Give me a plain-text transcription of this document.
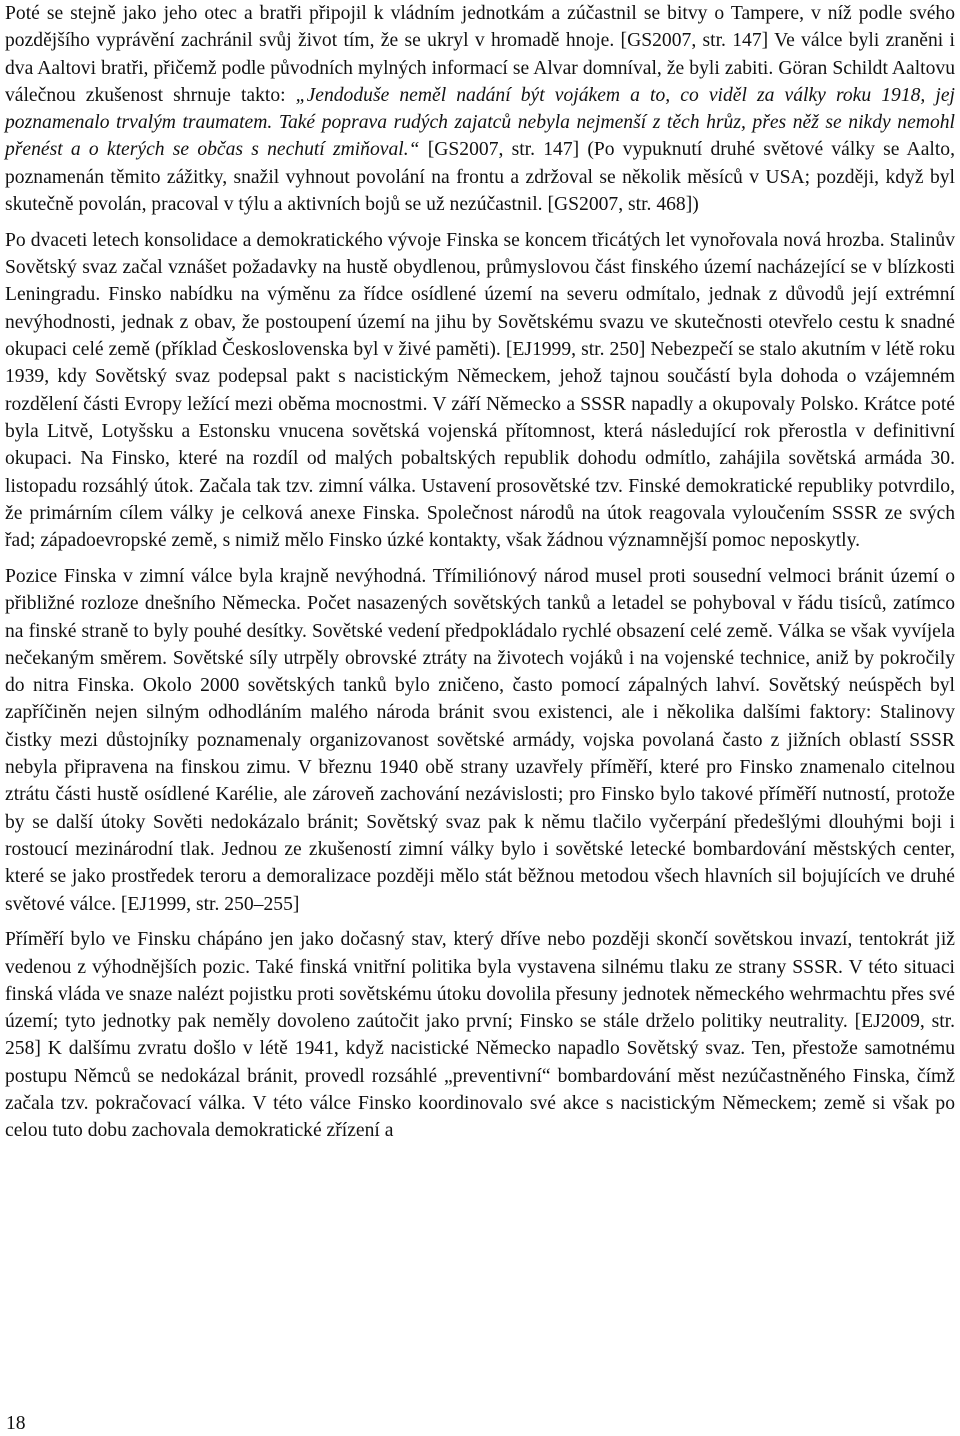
Poté se stejně jako jeho otec a bratři připojil k vládním jednotkám a zúčastnil se bitvy o Tampere, v níž podle svého pozdějšího vyprávění zachránil svůj život tím, že se ukryl v hromadě hnoje. [GS2007, str. 147] Ve válce byli zraněni i dva Aaltovi bratři, přičemž podle původních mylných informací se Alvar domníval, že byli zabiti. Göran Schildt Aaltovu válečnou zkušenost shrnuje takto: „Jendoduše neměl nadání být vojákem a to, co viděl za války roku 1918, jej poznamenalo trvalým traumatem. Také poprava rudých zajatců nebyla nejmenší z těch hrůz, přes něž se nikdy nemohl přenést a o kterých se občas s nechutí zmiňoval.“ [GS2007, str. 147] (Po vypuknutí druhé světové války se Aalto, poznamenán těmito zážitky, snažil vyhnout povolání na frontu a zdržoval se několik měsíců v USA; později, když byl skutečně povolán, pracoval v týlu a aktivních bojů se už nezúčastnil. [GS2007, str. 468])

Po dvaceti letech konsolidace a demokratického vývoje Finska se koncem třicátých let vynořovala nová hrozba. Stalinův Sovětský svaz začal vznášet požadavky na hustě obydlenou, průmyslovou část finského území nacházející se v blízkosti Leningradu. Finsko nabídku na výměnu za řídce osídlené území na severu odmítalo, jednak z důvodů její extrémní nevýhodnosti, jednak z obav, že postoupení území na jihu by Sovětskému svazu ve skutečnosti otevřelo cestu k snadné okupaci celé země (příklad Československa byl v živé paměti). [EJ1999, str. 250] Nebezpečí se stalo akutním v létě roku 1939, kdy Sovětský svaz podepsal pakt s nacistickým Německem, jehož tajnou součástí byla dohoda o vzájemném rozdělení části Evropy ležící mezi oběma mocnostmi. V září Německo a SSSR napadly a okupovaly Polsko. Krátce poté byla Litvě, Lotyšsku a Estonsku vnucena sovětská vojenská přítomnost, která následující rok přerostla v definitivní okupaci. Na Finsko, které na rozdíl od malých pobaltských republik dohodu odmítlo, zahájila sovětská armáda 30. listopadu rozsáhlý útok. Začala tak tzv. zimní válka. Ustavení prosovětské tzv. Finské demokratické republiky potvrdilo, že primárním cílem války je celková anexe Finska. Společnost národů na útok reagovala vyloučením SSSR ze svých řad; západoevropské země, s nimiž mělo Finsko úzké kontakty, však žádnou významnější pomoc neposkytly.

Pozice Finska v zimní válce byla krajně nevýhodná. Třímiliónový národ musel proti sousední velmoci bránit území o přibližné rozloze dnešního Německa. Počet nasazených sovětských tanků a letadel se pohyboval v řádu tisíců, zatímco na finské straně to byly pouhé desítky. Sovětské vedení předpokládalo rychlé obsazení celé země. Válka se však vyvíjela nečekaným směrem. Sovětské síly utrpěly obrovské ztráty na životech vojáků i na vojenské technice, aniž by pokročily do nitra Finska. Okolo 2000 sovětských tanků bylo zničeno, často pomocí zápalných lahví. Sovětský neúspěch byl zapříčiněn nejen silným odhodláním malého národa bránit svou existenci, ale i několika dalšími faktory: Stalinovy čistky mezi důstojníky poznamenaly organizovanost sovětské armády, vojska povolaná často z jižních oblastí SSSR nebyla připravena na finskou zimu. V březnu 1940 obě strany uzavřely příměří, které pro Finsko znamenalo citelnou ztrátu části hustě osídlené Karélie, ale zároveň zachování nezávislosti; pro Finsko bylo takové příměří nutností, protože by se další útoky Sověti nedokázalo bránit; Sovětský svaz pak k němu tlačilo vyčerpání předešlými dlouhými boji i rostoucí mezinárodní tlak. Jednou ze zkušeností zimní války bylo i sovětské letecké bombardování městských center, které se jako prostředek teroru a demoralizace později mělo stát běžnou metodou všech hlavních sil bojujících ve druhé světové válce. [EJ1999, str. 250–255]

Příměří bylo ve Finsku chápáno jen jako dočasný stav, který dříve nebo později skončí sovětskou invazí, tentokrát již vedenou z výhodnějších pozic. Také finská vnitřní politika byla vystavena silnému tlaku ze strany SSSR. V této situaci finská vláda ve snaze nalézt pojistku proti sovětskému útoku dovolila přesuny jednotek německého wehrmachtu přes své území; tyto jednotky pak neměly dovoleno zaútočit jako první; Finsko se stále drželo politiky neutrality. [EJ2009, str. 258] K dalšímu zvratu došlo v létě 1941, když nacistické Německo napadlo Sovětský svaz. Ten, přestože samotnému postupu Němců se nedokázal bránit, provedl rozsáhlé „preventivní“ bombardování měst nezúčastněného Finska, čímž začala tzv. pokračovací válka. V této válce Finsko koordinovalo své akce s nacistickým Německem; země si však po celou tuto dobu zachovala demokratické zřízení a

18
